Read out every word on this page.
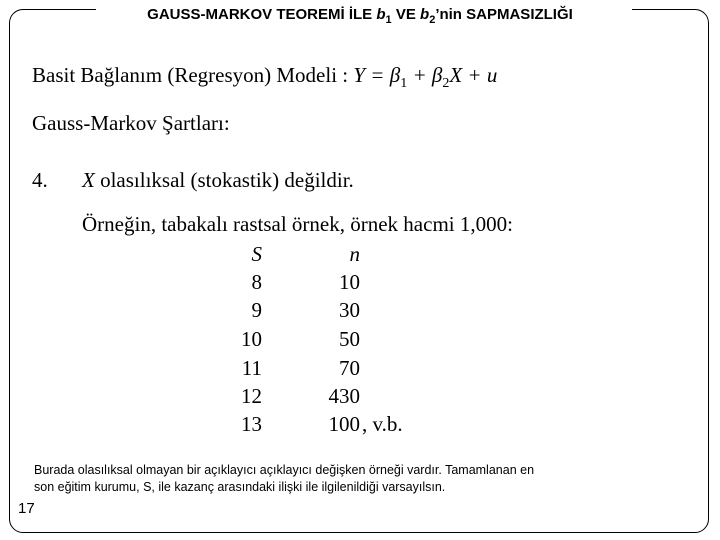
GAUSS-MARKOV TEOREMİ İLE $b_1$ VE $b_2’nin$ SAPMASIZLIĞI
Basit Bağlanım (Regresyon) Modeli : $Y = \beta_1 + \beta_2X + u$
Gauss-Markov Şartları:
4. X olasılıksal (stokastik) değildir.
Örneğin, tabakalı rastsal örnek, örnek hacmi 1,000:
S	n
8	10
9	30
10	50
11	70
12	430
13	100 , v.b.
Burada olasılıksal olmayan bir açıklayıcı açıklayıcı değişken örneği vardır. Tamamlanan en
son eğitim kurumu, S, ile kazanç arasındaki ilişki ile ilgilenildiği varsayılsın.
17
